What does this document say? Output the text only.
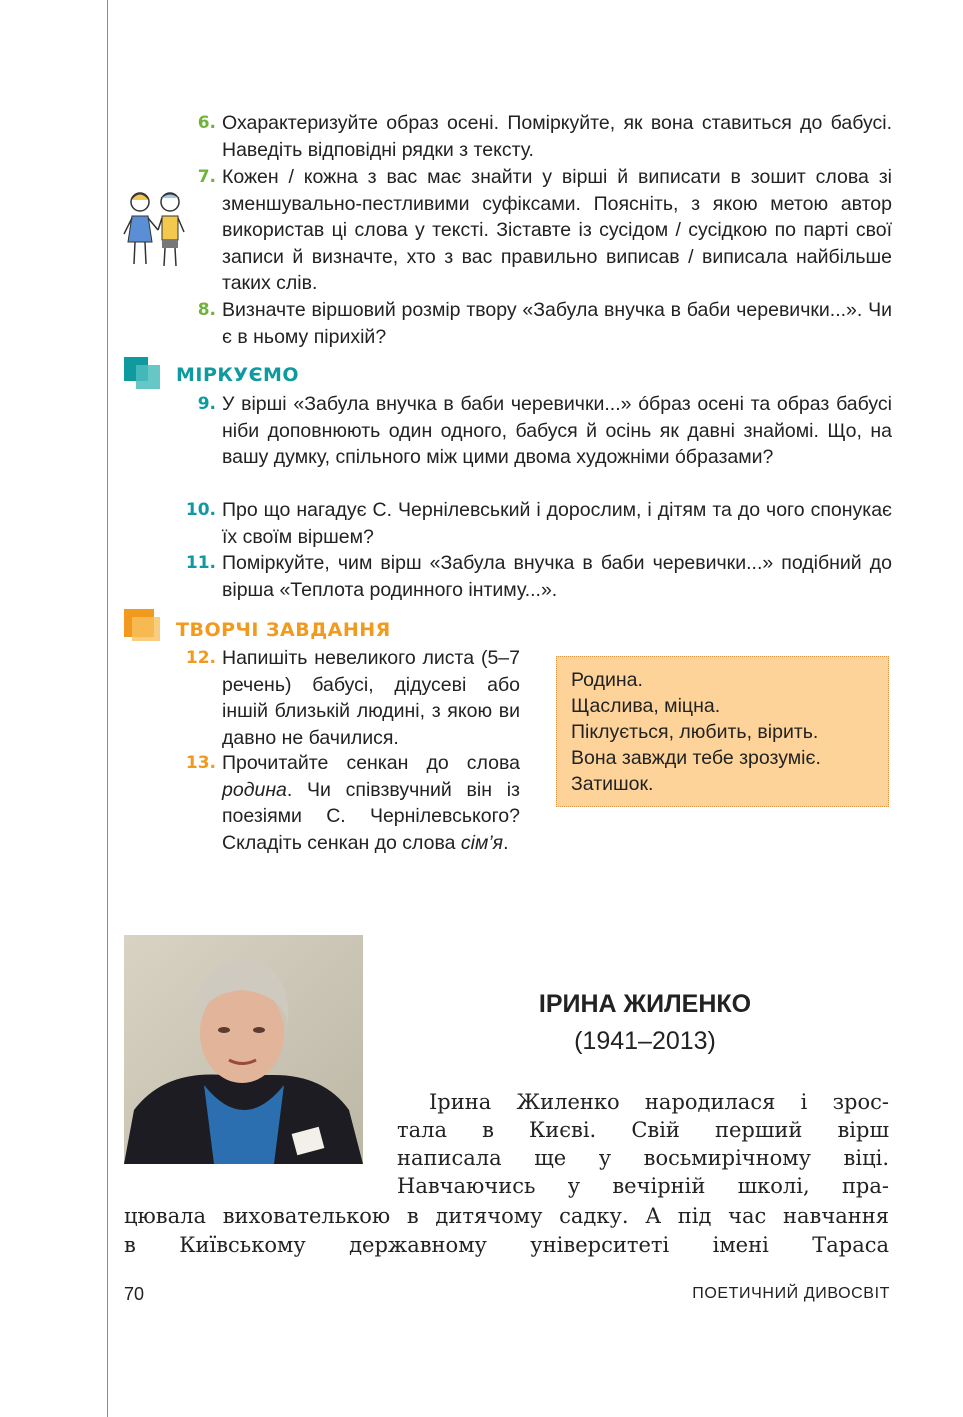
6. Охарактеризуйте образ осені. Поміркуйте, як вона ставиться до бабусі. Наведіть відповідні рядки з тексту.
7. Кожен / кожна з вас має знайти у вірші й виписати в зошит слова зі зменшувально-пестливими суфіксами. Поясніть, з якою метою автор використав ці слова у тексті. Зіставте із сусідом / сусідкою по парті свої записи й визначте, хто з вас правильно виписав / виписала найбільше таких слів.
8. Визначте віршовий розмір твору «Забула внучка в баби черевички...». Чи є в ньому пірихій?
МІРКУЄМО
9. У вірші «Забула внучка в баби черевички...» óбраз осені та образ бабусі ніби доповнюють один одного, бабуся й осінь як давні знайомі. Що, на вашу думку, спільного між цими двома художніми óбразами?
10. Про що нагадує С. Чернілевський і дорослим, і дітям та до чого спонукає їх своїм віршем?
11. Поміркуйте, чим вірш «Забула внучка в баби черевички...» подібний до вірша «Теплота родинного інтиму...».
ТВОРЧІ ЗАВДАННЯ
12. Напишіть невеликого листа (5–7 речень) бабусі, дідусеві або іншій близькій людині, з якою ви давно не бачилися.
13. Прочитайте сенкан до слова родина. Чи співзвучний він із поезіями С. Чернілевського? Складіть сенкан до слова сім’я.
Родина.
Щаслива, міцна.
Піклується, любить, вірить.
Вона завжди тебе зрозуміє.
Затишок.
ІРИНА ЖИЛЕНКО
(1941–2013)
Ірина Жиленко народилася і зрос-
тала в Києві. Свій перший вірш
написала ще у восьмирічному віці.
Навчаючись у вечірній школі, пра-
цювала вихователькою в дитячому садку. А під час навчання
в Київському державному університеті імені Тараса
70	ПОЕТИЧНИЙ ДИВОСВІТ
